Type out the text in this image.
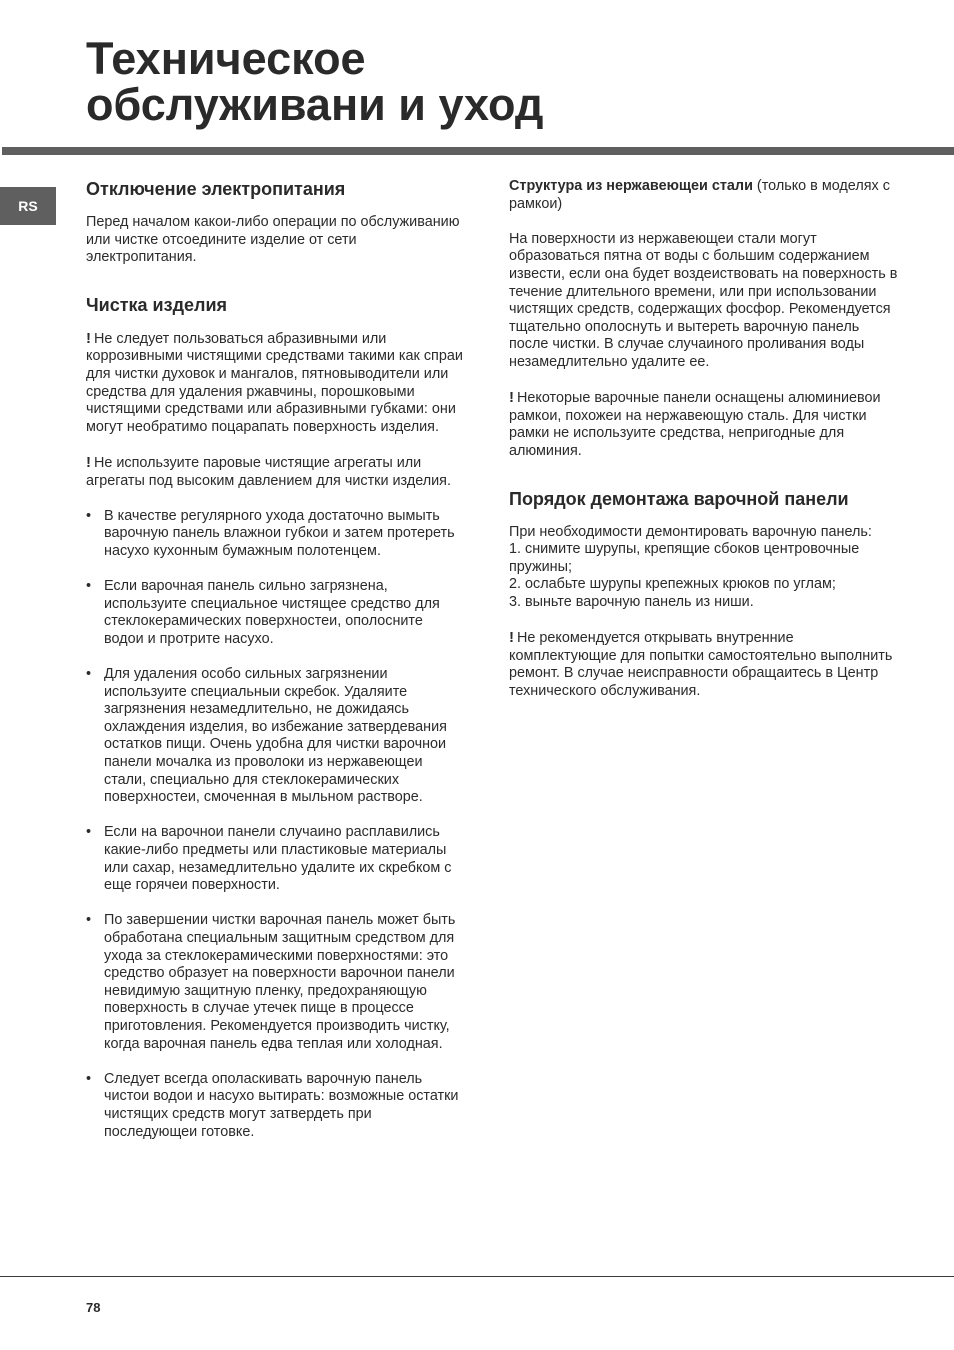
Техническое
обслуживани и уход
RS
Отключение электропитания

Перед началом какои-либо операции по обслуживанию или чистке отсоедините изделие от сети электропитания.

Чистка изделия

! Не следует пользоваться абразивными или коррозивными чистящими средствами такими как спраи для чистки духовок и мангалов, пятновыводители или средства для удаления ржавчины, порошковыми чистящими средствами или абразивными губками: они могут необратимо поцарапать поверхность изделия.

! Не используите паровые чистящие агрегаты или агрегаты под высоким давлением для чистки изделия.

• В качестве регулярного ухода достаточно вымыть варочную панель влажнои губкои и затем протереть насухо кухонным бумажным полотенцем.
• Если варочная панель сильно загрязнена, используите специальное чистящее средство для стеклокерамических поверхностеи, ополосните водои и протрите насухо.
• Для удаления особо сильных загрязнении используите специальныи скребок. Удаляите загрязнения незамедлительно, не дожидаясь охлаждения изделия, во избежание затвердевания остатков пищи. Очень удобна для чистки варочнои панели мочалка из проволоки из нержавеющеи стали, специально для стеклокерамических поверхностеи, смоченная в мыльном растворе.
• Если на варочнои панели случаино расплавились какие-либо предметы или пластиковые материалы или сахар, незамедлительно удалите их скребком с еще горячеи поверхности.
• По завершении чистки варочная панель может быть обработана специальным защитным средством для ухода за стеклокерамическими поверхностями: это средство образует на поверхности варочнои панели невидимую защитную пленку, предохраняющую поверхность в случае утечек пище в процессе приготовления. Рекомендуется производить чистку, когда варочная панель едва теплая или холодная.
• Следует всегда ополаскивать варочную панель чистои водои и насухо вытирать: возможные остатки чистящих средств могут затвердеть при последующеи готовке.

Структура из нержавеющеи стали (только в моделях с рамкои)

На поверхности из нержавеющеи стали могут образоваться пятна от воды с большим содержанием извести, если она будет воздеиствовать на поверхность в течение длительного времени, или при использовании чистящих средств, содержащих фосфор. Рекомендуется тщательно ополоснуть и вытереть варочную панель после чистки. В случае случаиного проливания воды незамедлительно удалите ее.

! Некоторые варочные панели оснащены алюминиевои рамкои, похожеи на нержавеющую сталь. Для чистки рамки не используите средства, непригодные для алюминия.

Порядок демонтажа варочной панели

При необходимости демонтировать варочную панель:

1. снимите шурупы, крепящие сбоков центровочные пружины;

2. ослабьте шурупы крепежных крюков по углам;

3. выньте варочную панель из ниши.

! Не рекомендуется открывать внутренние комплектующие для попытки самостоятельно выполнить ремонт. В случае неисправности обращаитесь в Центр технического обслуживания.

78
